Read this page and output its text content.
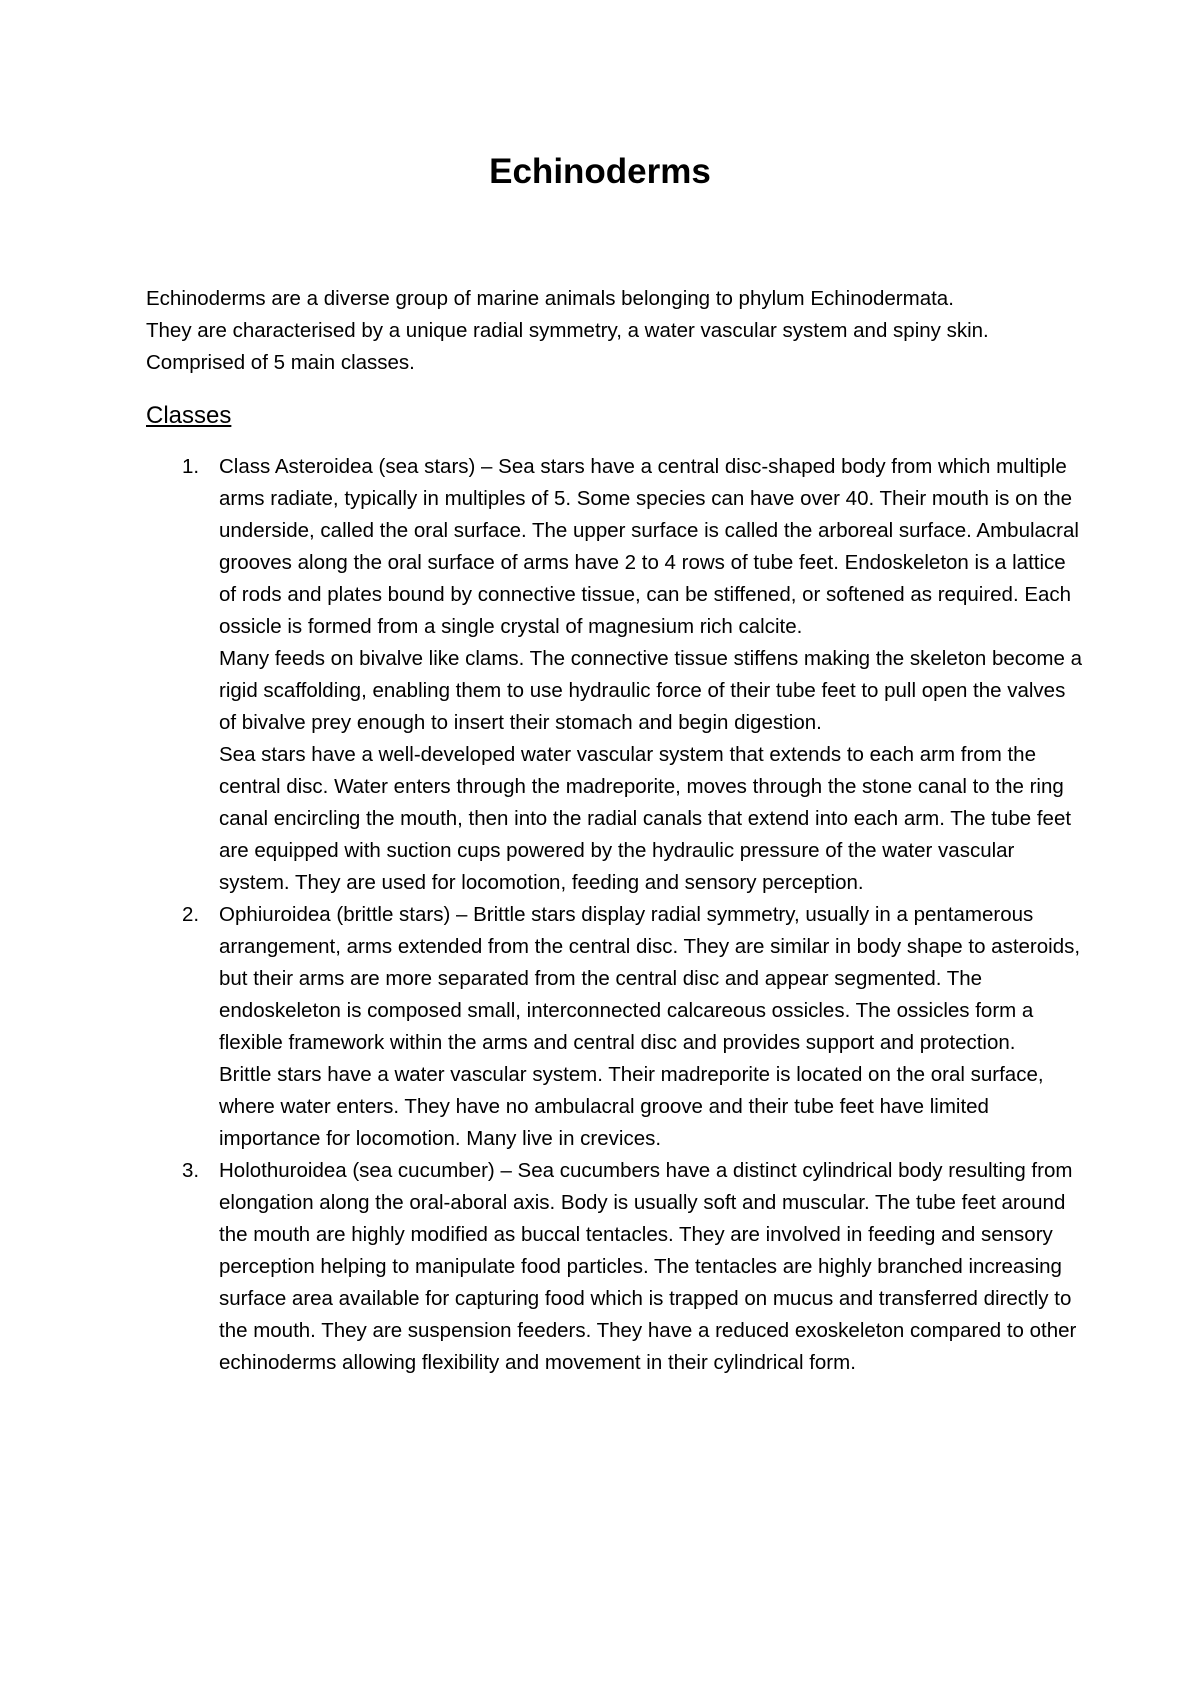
Echinoderms

Echinoderms are a diverse group of marine animals belonging to phylum Echinodermata.

They are characterised by a unique radial symmetry, a water vascular system and spiny skin.

Comprised of 5 main classes.

Classes
1. Class Asteroidea (sea stars) – Sea stars have a central disc-shaped body from which multiple arms radiate, typically in multiples of 5. Some species can have over 40. Their mouth is on the underside, called the oral surface. The upper surface is called the arboreal surface. Ambulacral grooves along the oral surface of arms have 2 to 4 rows of tube feet. Endoskeleton is a lattice of rods and plates bound by connective tissue, can be stiffened, or softened as required. Each ossicle is formed from a single crystal of magnesium rich calcite.

Many feeds on bivalve like clams. The connective tissue stiffens making the skeleton become a rigid scaffolding, enabling them to use hydraulic force of their tube feet to pull open the valves of bivalve prey enough to insert their stomach and begin digestion.

Sea stars have a well-developed water vascular system that extends to each arm from the central disc. Water enters through the madreporite, moves through the stone canal to the ring canal encircling the mouth, then into the radial canals that extend into each arm. The tube feet are equipped with suction cups powered by the hydraulic pressure of the water vascular system. They are used for locomotion, feeding and sensory perception.

2. Ophiuroidea (brittle stars) – Brittle stars display radial symmetry, usually in a pentamerous arrangement, arms extended from the central disc. They are similar in body shape to asteroids, but their arms are more separated from the central disc and appear segmented. The endoskeleton is composed small, interconnected calcareous ossicles. The ossicles form a flexible framework within the arms and central disc and provides support and protection.

Brittle stars have a water vascular system. Their madreporite is located on the oral surface, where water enters. They have no ambulacral groove and their tube feet have limited importance for locomotion. Many live in crevices.

3. Holothuroidea (sea cucumber) – Sea cucumbers have a distinct cylindrical body resulting from elongation along the oral-aboral axis. Body is usually soft and muscular. The tube feet around the mouth are highly modified as buccal tentacles. They are involved in feeding and sensory perception helping to manipulate food particles. The tentacles are highly branched increasing surface area available for capturing food which is trapped on mucus and transferred directly to the mouth. They are suspension feeders. They have a reduced exoskeleton compared to other echinoderms allowing flexibility and movement in their cylindrical form.
